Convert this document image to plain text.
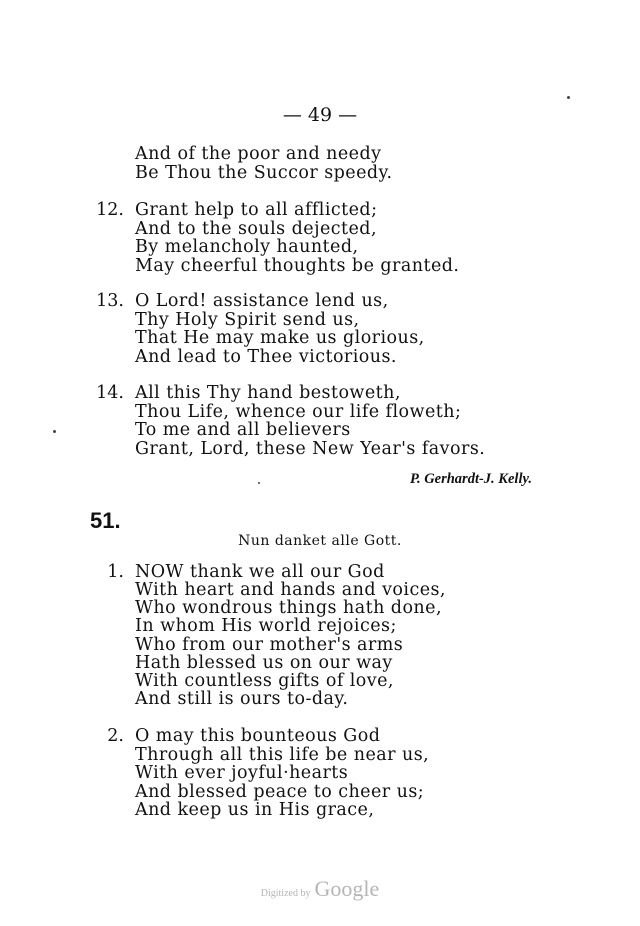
— 49 —
And of the poor and needy
Be Thou the Succor speedy.
12. Grant help to all afflicted;
And to the souls dejected,
By melancholy haunted,
May cheerful thoughts be granted.
13. O Lord! assistance lend us,
Thy Holy Spirit send us,
That He may make us glorious,
And lead to Thee victorious.
14. All this Thy hand bestoweth,
Thou Life, whence our life floweth;
To me and all believers
Grant, Lord, these New Year's favors.
P. Gerhardt-J. Kelly.
51.
Nun danket alle Gott.
1. NOW thank we all our God
With heart and hands and voices,
Who wondrous things hath done,
In whom His world rejoices;
Who from our mother's arms
Hath blessed us on our way
With countless gifts of love,
And still is ours to-day.
2. O may this bounteous God
Through all this life be near us,
With ever joyful·hearts
And blessed peace to cheer us;
And keep us in His grace,
Digitized by Google
